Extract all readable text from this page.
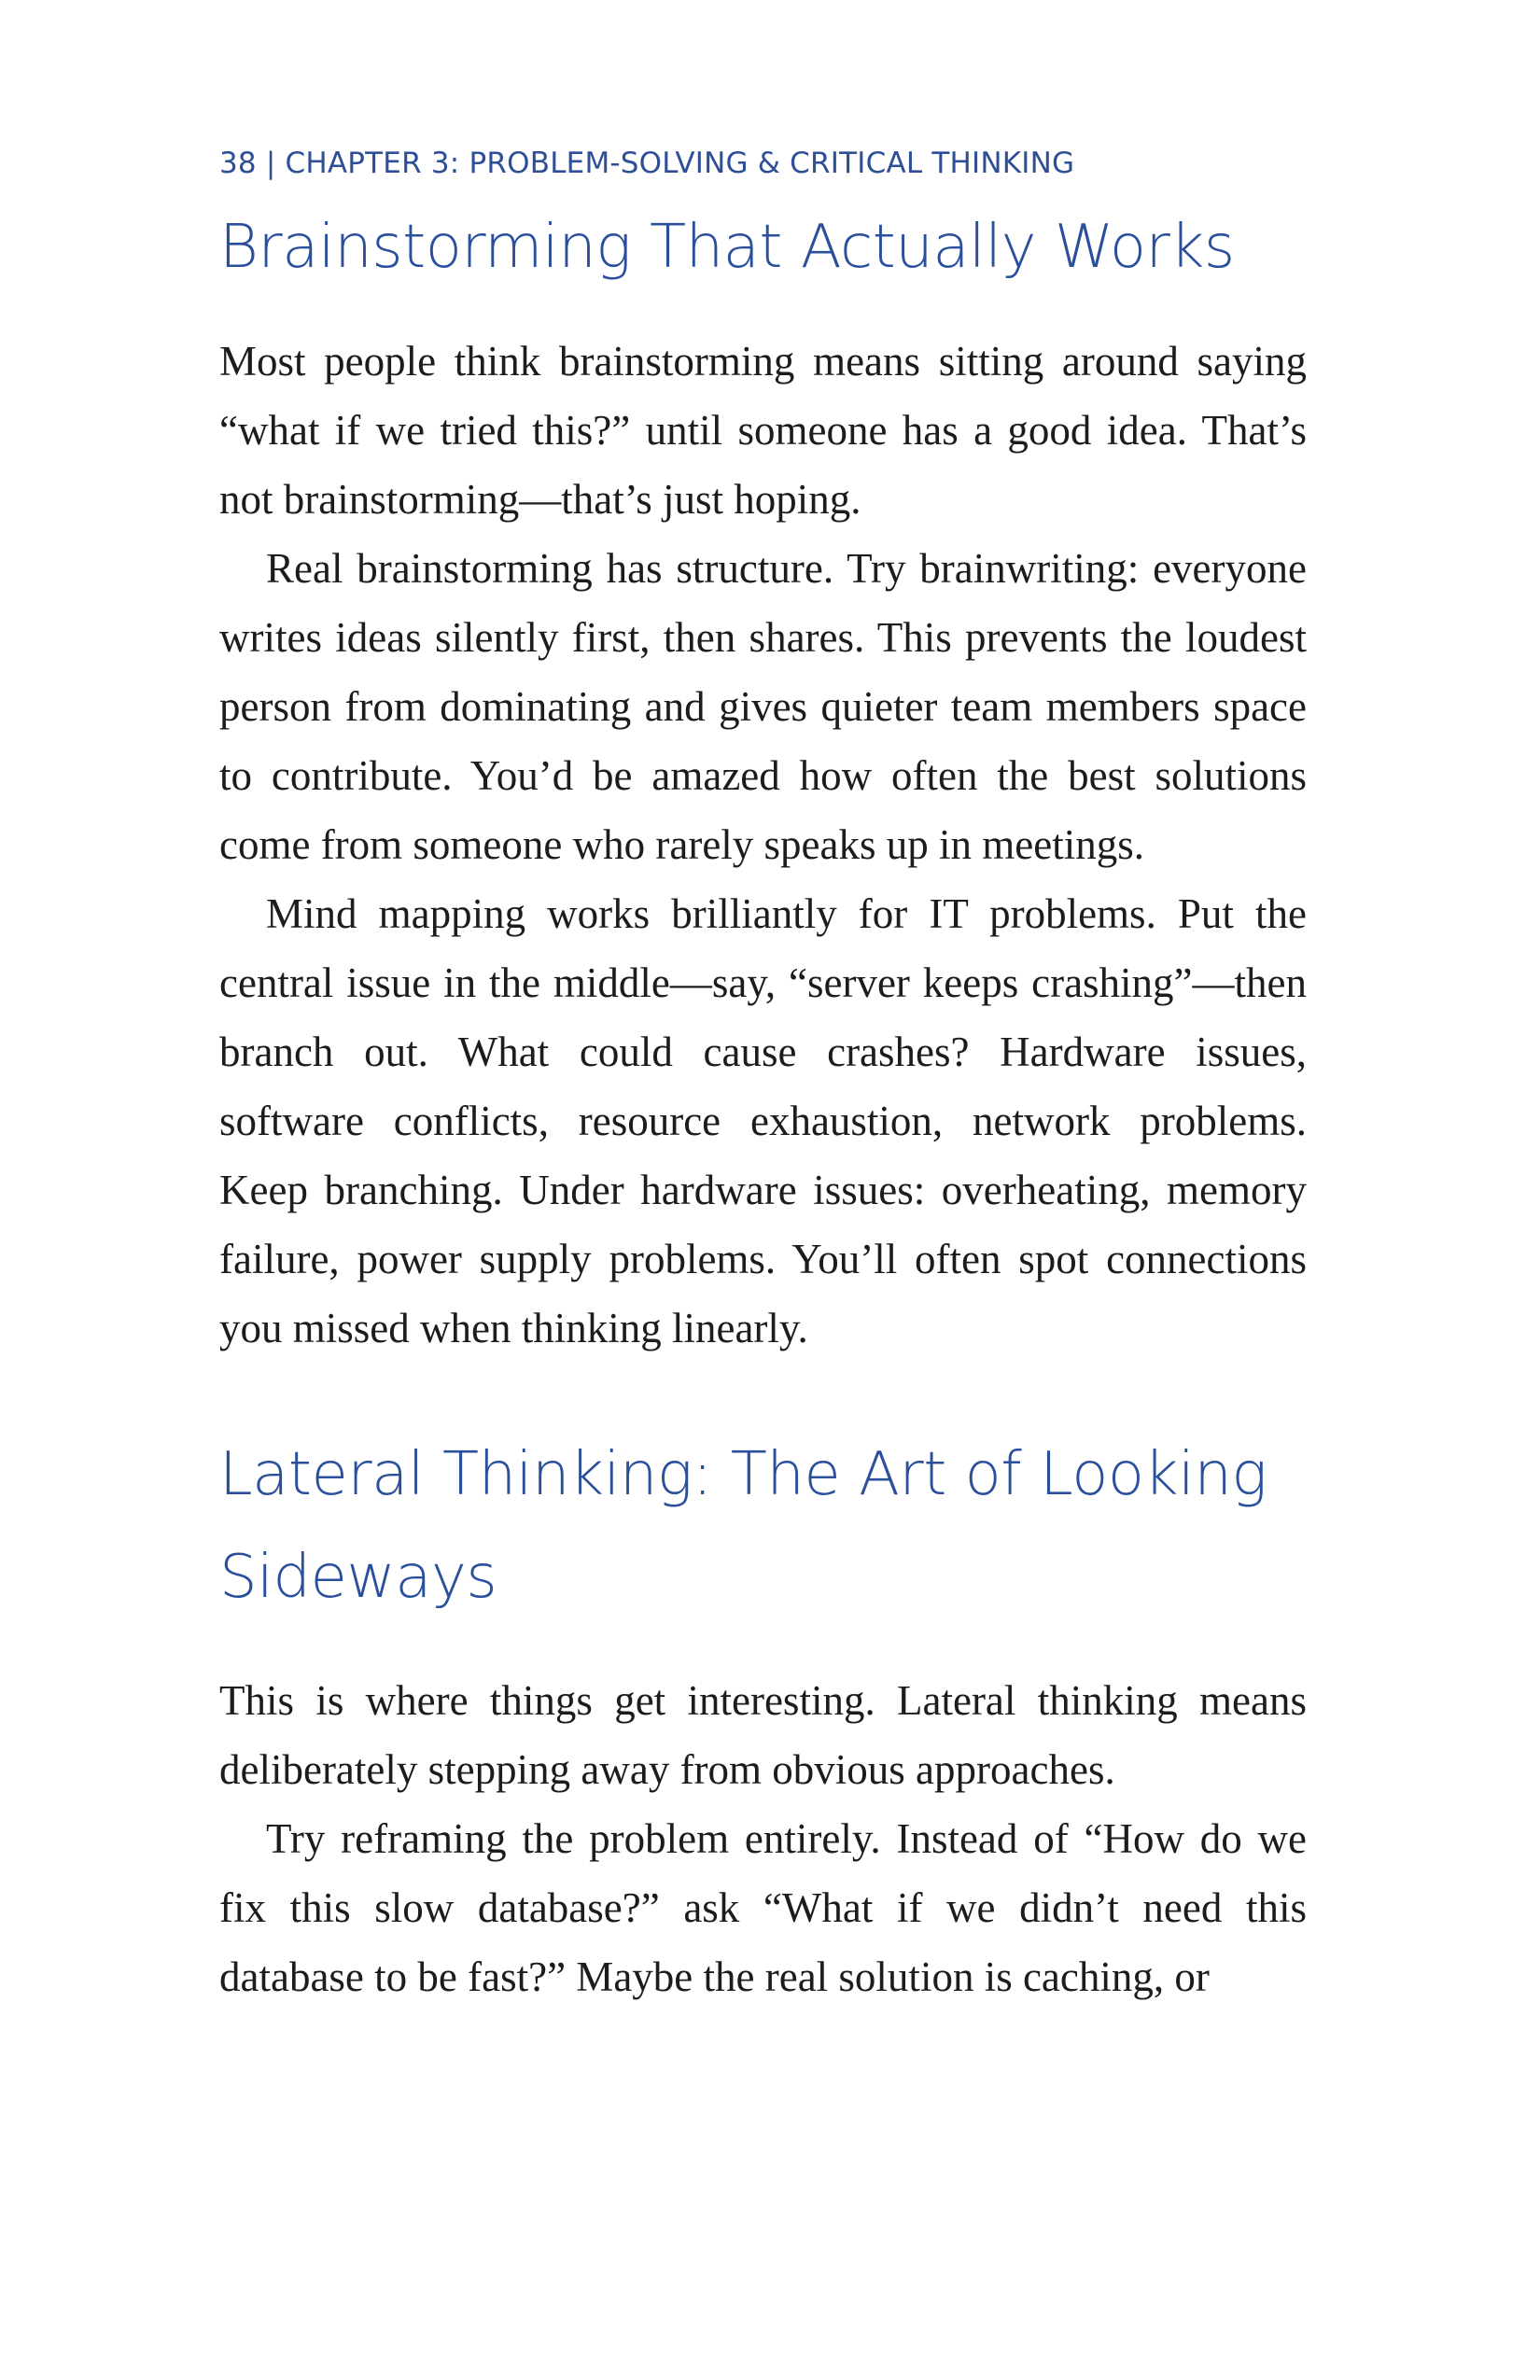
38 | CHAPTER 3: PROBLEM-SOLVING & CRITICAL THINKING
Brainstorming That Actually Works

Most people think brainstorming means sitting around saying “what if we tried this?” until someone has a good idea. That’s not brainstorming—that’s just hoping.

Real brainstorming has structure. Try brainwriting: everyone writes ideas silently first, then shares. This prevents the loudest person from dominating and gives quieter team members space to contribute. You’d be amazed how often the best solutions come from someone who rarely speaks up in meetings.

Mind mapping works brilliantly for IT problems. Put the central issue in the middle—say, “server keeps crashing”—then branch out. What could cause crashes? Hardware issues, software conflicts, resource exhaustion, network problems. Keep branching. Under hardware issues: overheating, memory failure, power supply problems. You’ll often spot connections you missed when thinking linearly.

Lateral Thinking: The Art of Looking Sideways

This is where things get interesting. Lateral thinking means deliberately stepping away from obvious approaches.

Try reframing the problem entirely. Instead of “How do we fix this slow database?” ask “What if we didn’t need this database to be fast?” Maybe the real solution is caching, or
